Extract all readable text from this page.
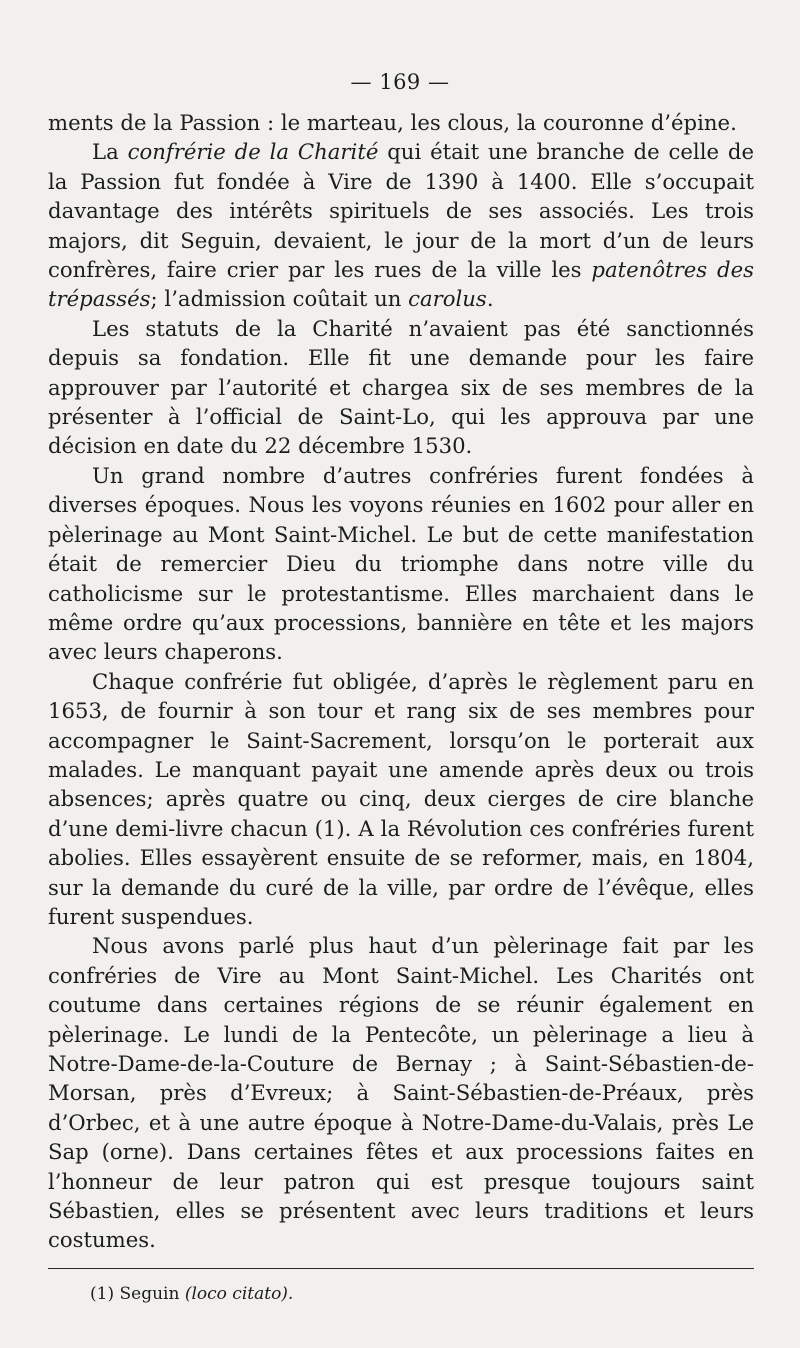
— 169 —

ments de la Passion : le marteau, les clous, la couronne d’épine.

La confrérie de la Charité qui était une branche de celle de la Passion fut fondée à Vire de 1390 à 1400. Elle s’occupait davantage des intérêts spirituels de ses associés. Les trois majors, dit Seguin, devaient, le jour de la mort d’un de leurs confrères, faire crier par les rues de la ville les patenôtres des trépassés; l’admission coûtait un carolus.

Les statuts de la Charité n’avaient pas été sanctionnés depuis sa fondation. Elle fit une demande pour les faire approuver par l’autorité et chargea six de ses membres de la présenter à l’official de Saint-Lo, qui les approuva par une décision en date du 22 décembre 1530.

Un grand nombre d’autres confréries furent fondées à diverses époques. Nous les voyons réunies en 1602 pour aller en pèlerinage au Mont Saint-Michel. Le but de cette manifestation était de remercier Dieu du triomphe dans notre ville du catholicisme sur le protestantisme. Elles marchaient dans le même ordre qu’aux processions, bannière en tête et les majors avec leurs chaperons.

Chaque confrérie fut obligée, d’après le règlement paru en 1653, de fournir à son tour et rang six de ses membres pour accompagner le Saint-Sacrement, lorsqu’on le porterait aux malades. Le manquant payait une amende après deux ou trois absences; après quatre ou cinq, deux cierges de cire blanche d’une demi-livre chacun (1). A la Révolution ces confréries furent abolies. Elles essayèrent ensuite de se reformer, mais, en 1804, sur la demande du curé de la ville, par ordre de l’évêque, elles furent suspendues.

Nous avons parlé plus haut d’un pèlerinage fait par les confréries de Vire au Mont Saint-Michel. Les Charités ont coutume dans certaines régions de se réunir également en pèlerinage. Le lundi de la Pentecôte, un pèlerinage a lieu à Notre-Dame-de-la-Couture de Bernay ; à Saint-Sébastien-de-Morsan, près d’Evreux; à Saint-Sébastien-de-Préaux, près d’Orbec, et à une autre époque à Notre-Dame-du-Valais, près Le Sap (orne). Dans certaines fêtes et aux processions faites en l’honneur de leur patron qui est presque toujours saint Sébastien, elles se présentent avec leurs traditions et leurs costumes.

(1) Seguin (loco citato).
